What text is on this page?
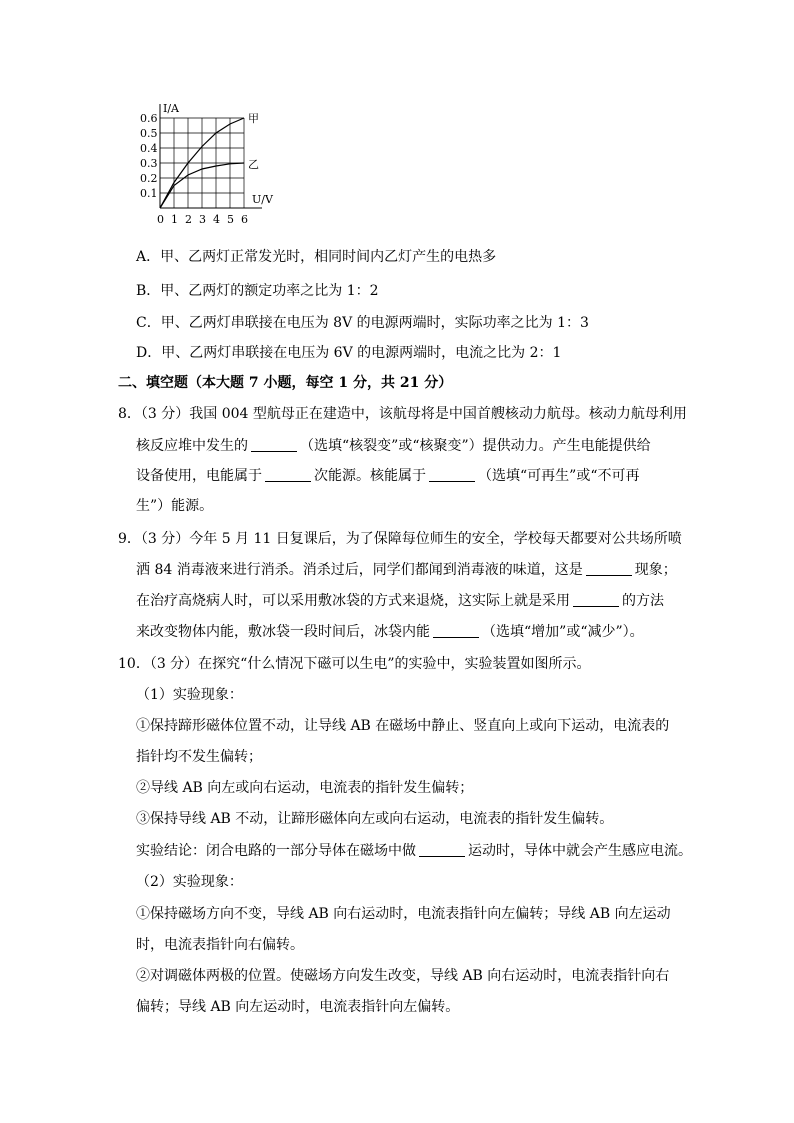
U/V
I/A
0 1 2 3 4 5 6
0.1
0.2
0.3
0.4
0.5
0.6	甲
乙
A．甲、乙两灯正常发光时，相同时间内乙灯产生的电热多
B．甲、乙两灯的额定功率之比为 1：2
C．甲、乙两灯串联接在电压为 8V 的电源两端时，实际功率之比为 1：3
D．甲、乙两灯串联接在电压为 6V 的电源两端时，电流之比为 2：1
二、填空题（本大题 7 小题，每空 1 分，共 21 分）
8．（3 分）我国 004 型航母正在建造中，该航母将是中国首艘核动力航母。核动力航母利用
核反应堆中发生的	（选填“核裂变”或“核聚变”）提供动力。产生电能提供给
设备使用，电能属于	次能源。核能属于	（选填“可再生”或“不可再
生”）能源。
9．（3 分）今年 5 月 11 日复课后，为了保障每位师生的安全，学校每天都要对公共场所喷
洒 84 消毒液来进行消杀。消杀过后，同学们都闻到消毒液的味道，这是	现象；
在治疗高烧病人时，可以采用敷冰袋的方式来退烧，这实际上就是采用	的方法
来改变物体内能，敷冰袋一段时间后，冰袋内能	（选填“增加”或“减少”）。
10．（3 分）在探究“什么情况下磁可以生电”的实验中，实验装置如图所示。
（1）实验现象：
①保持蹄形磁体位置不动，让导线 AB 在磁场中静止、竖直向上或向下运动，电流表的
指针均不发生偏转；
②导线 AB 向左或向右运动，电流表的指针发生偏转；
③保持导线 AB 不动，让蹄形磁体向左或向右运动，电流表的指针发生偏转。
实验结论：闭合电路的一部分导体在磁场中做	运动时，导体中就会产生感应电流。
（2）实验现象：
①保持磁场方向不变，导线 AB 向右运动时，电流表指针向左偏转；导线 AB 向左运动
时，电流表指针向右偏转。
②对调磁体两极的位置。使磁场方向发生改变，导线 AB 向右运动时，电流表指针向右
偏转；导线 AB 向左运动时，电流表指针向左偏转。
